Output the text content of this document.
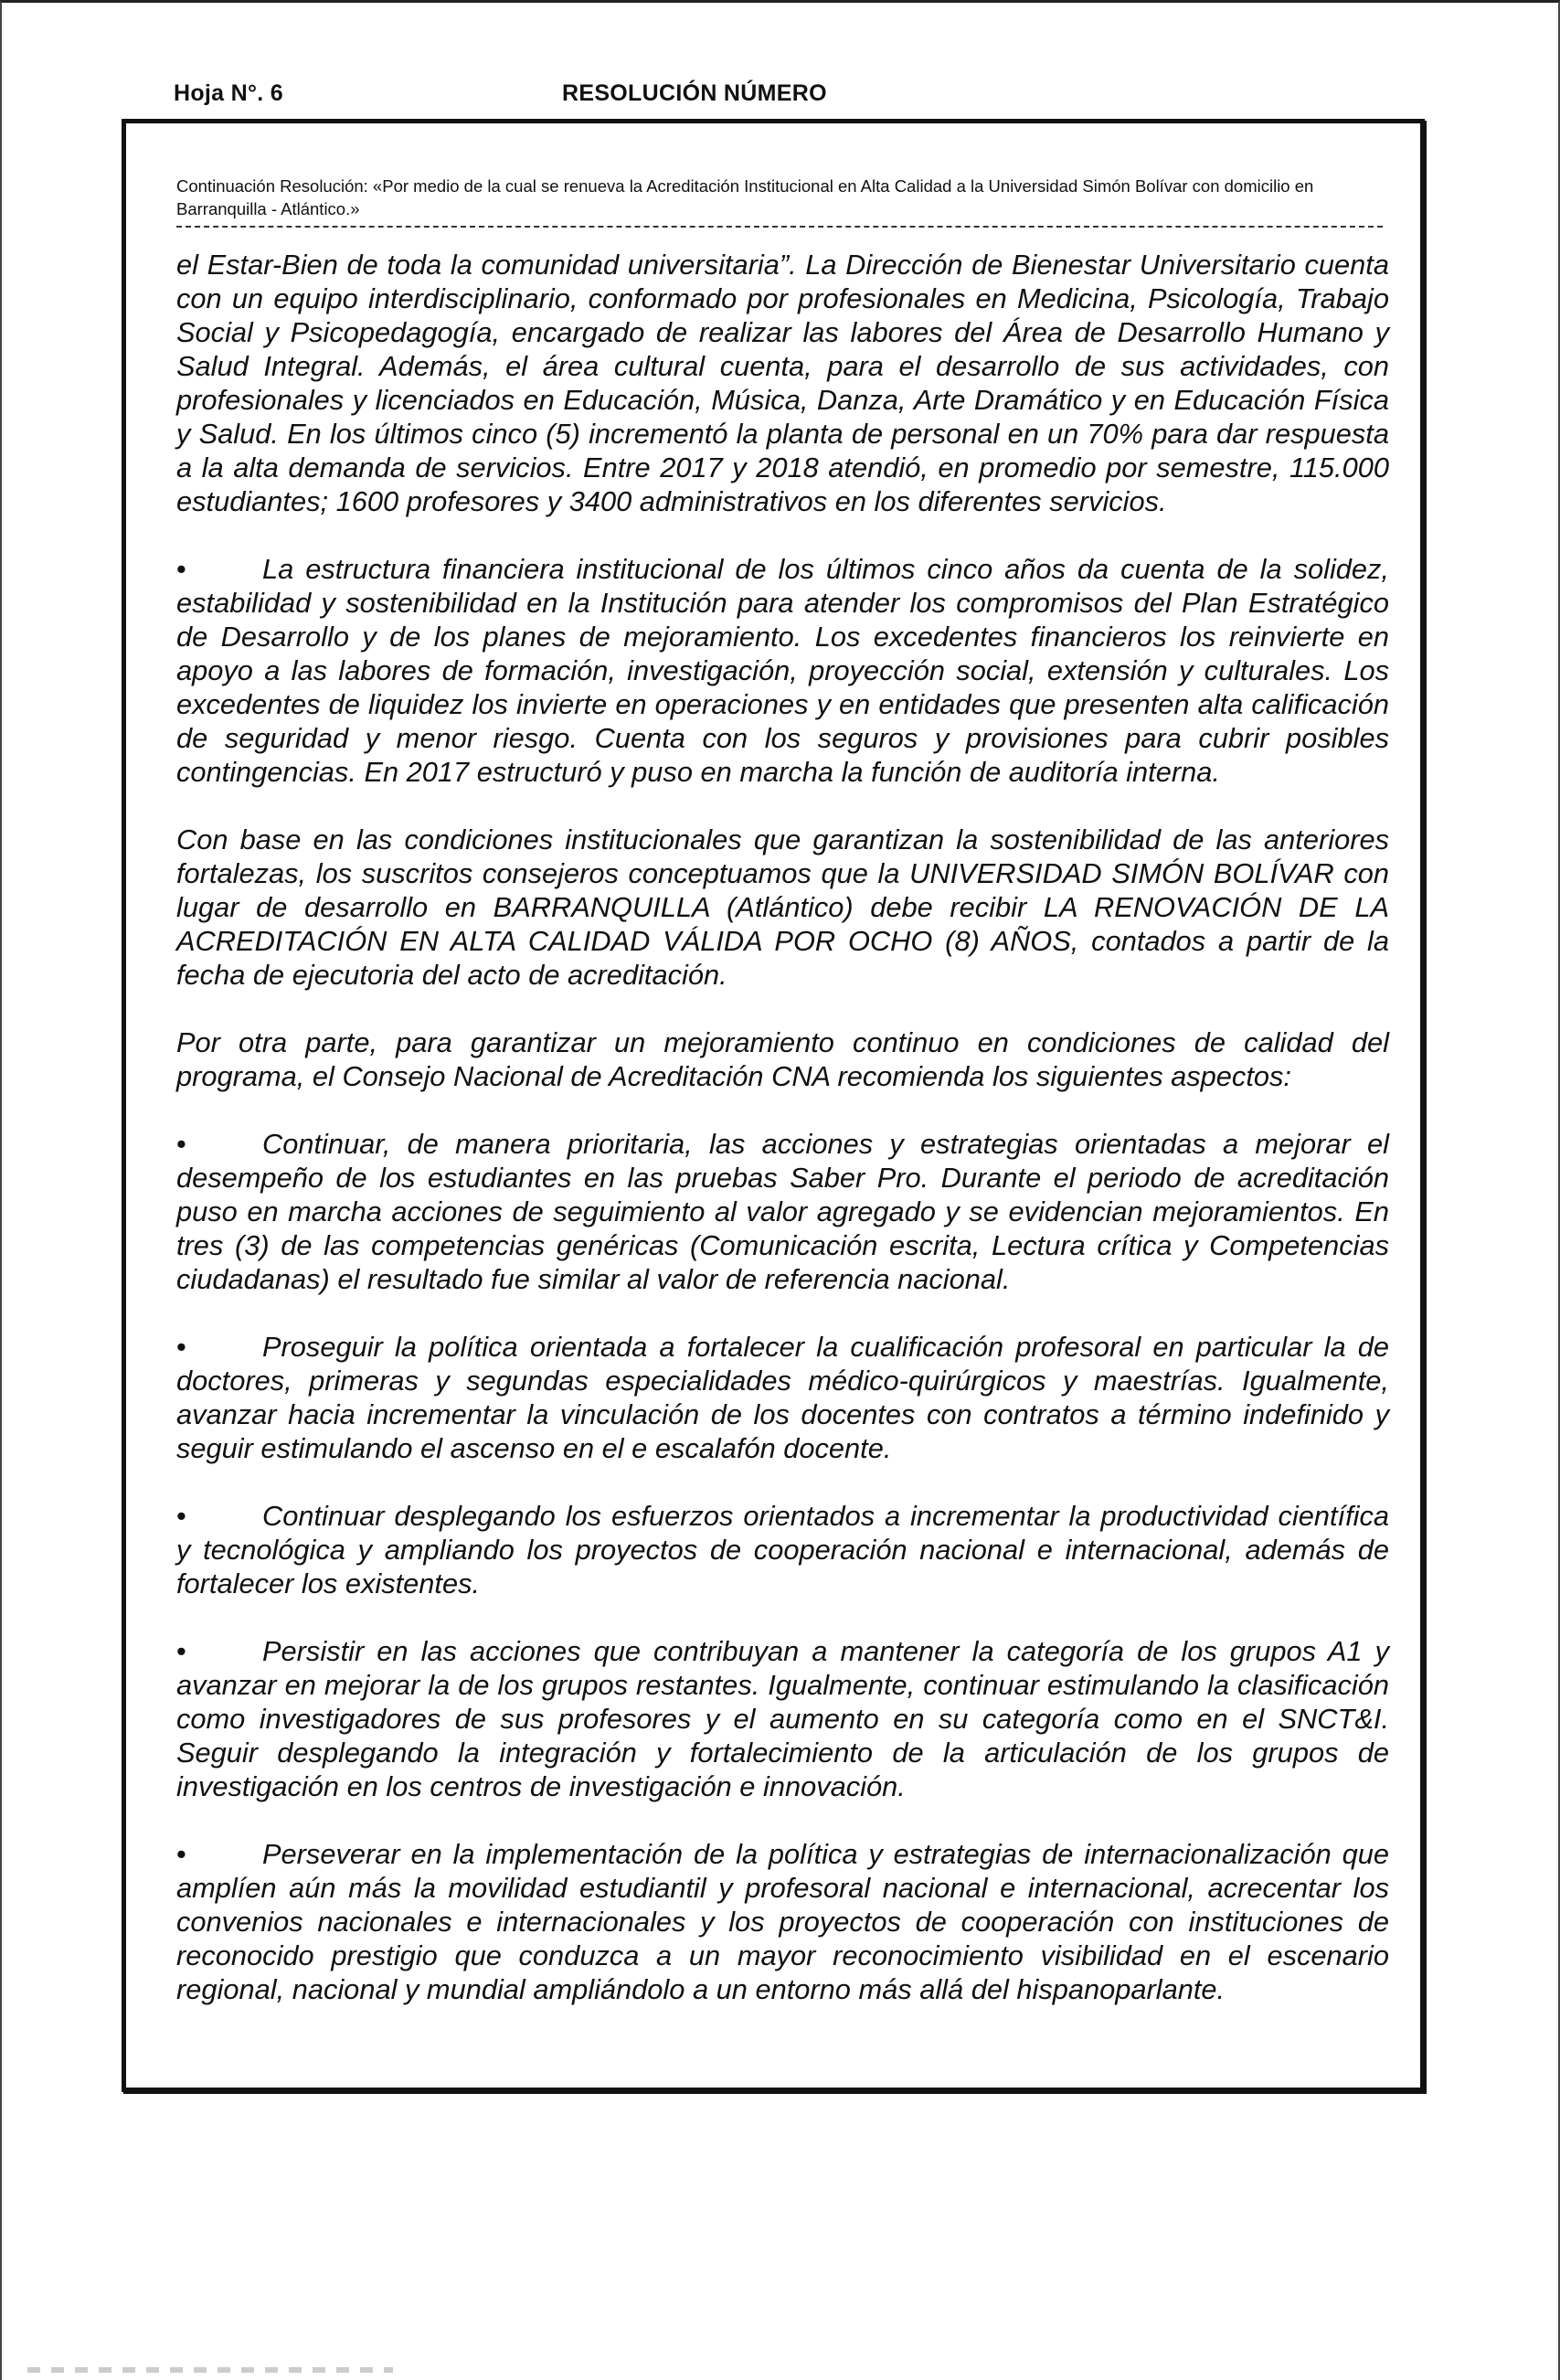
Hoja N°. 6	RESOLUCIÓN NÚMERO

Continuación Resolución: «Por medio de la cual se renueva la Acreditación Institucional en Alta Calidad a la Universidad Simón Bolívar con domicilio en Barranquilla - Atlántico.»

el Estar-Bien de toda la comunidad universitaria”. La Dirección de Bienestar Universitario cuenta con un equipo interdisciplinario, conformado por profesionales en Medicina, Psicología, Trabajo Social y Psicopedagogía, encargado de realizar las labores del Área de Desarrollo Humano y Salud Integral. Además, el área cultural cuenta, para el desarrollo de sus actividades, con profesionales y licenciados en Educación, Música, Danza, Arte Dramático y en Educación Física y Salud. En los últimos cinco (5) incrementó la planta de personal en un 70% para dar respuesta a la alta demanda de servicios. Entre 2017 y 2018 atendió, en promedio por semestre, 115.000 estudiantes; 1600 profesores y 3400 administrativos en los diferentes servicios.

•	La estructura financiera institucional de los últimos cinco años da cuenta de la solidez, estabilidad y sostenibilidad en la Institución para atender los compromisos del Plan Estratégico de Desarrollo y de los planes de mejoramiento. Los excedentes financieros los reinvierte en apoyo a las labores de formación, investigación, proyección social, extensión y culturales. Los excedentes de liquidez los invierte en operaciones y en entidades que presenten alta calificación de seguridad y menor riesgo. Cuenta con los seguros y provisiones para cubrir posibles contingencias. En 2017 estructuró y puso en marcha la función de auditoría interna.

Con base en las condiciones institucionales que garantizan la sostenibilidad de las anteriores fortalezas, los suscritos consejeros conceptuamos que la UNIVERSIDAD SIMÓN BOLÍVAR con lugar de desarrollo en BARRANQUILLA (Atlántico) debe recibir LA RENOVACIÓN DE LA ACREDITACIÓN EN ALTA CALIDAD VÁLIDA POR OCHO (8) AÑOS, contados a partir de la fecha de ejecutoria del acto de acreditación.

Por otra parte, para garantizar un mejoramiento continuo en condiciones de calidad del programa, el Consejo Nacional de Acreditación CNA recomienda los siguientes aspectos:

•	Continuar, de manera prioritaria, las acciones y estrategias orientadas a mejorar el desempeño de los estudiantes en las pruebas Saber Pro. Durante el periodo de acreditación puso en marcha acciones de seguimiento al valor agregado y se evidencian mejoramientos. En tres (3) de las competencias genéricas (Comunicación escrita, Lectura crítica y Competencias ciudadanas) el resultado fue similar al valor de referencia nacional.

•	Proseguir la política orientada a fortalecer la cualificación profesoral en particular la de doctores, primeras y segundas especialidades médico-quirúrgicos y maestrías. Igualmente, avanzar hacia incrementar la vinculación de los docentes con contratos a término indefinido y seguir estimulando el ascenso en el e escalafón docente.

•	Continuar desplegando los esfuerzos orientados a incrementar la productividad científica y tecnológica y ampliando los proyectos de cooperación nacional e internacional, además de fortalecer los existentes.

•	Persistir en las acciones que contribuyan a mantener la categoría de los grupos A1 y avanzar en mejorar la de los grupos restantes. Igualmente, continuar estimulando la clasificación como investigadores de sus profesores y el aumento en su categoría como en el SNCT&I. Seguir desplegando la integración y fortalecimiento de la articulación de los grupos de investigación en los centros de investigación e innovación.

•	Perseverar en la implementación de la política y estrategias de internacionalización que amplíen aún más la movilidad estudiantil y profesoral nacional e internacional, acrecentar los convenios nacionales e internacionales y los proyectos de cooperación con instituciones de reconocido prestigio que conduzca a un mayor reconocimiento visibilidad en el escenario regional, nacional y mundial ampliándolo a un entorno más allá del hispanoparlante.
